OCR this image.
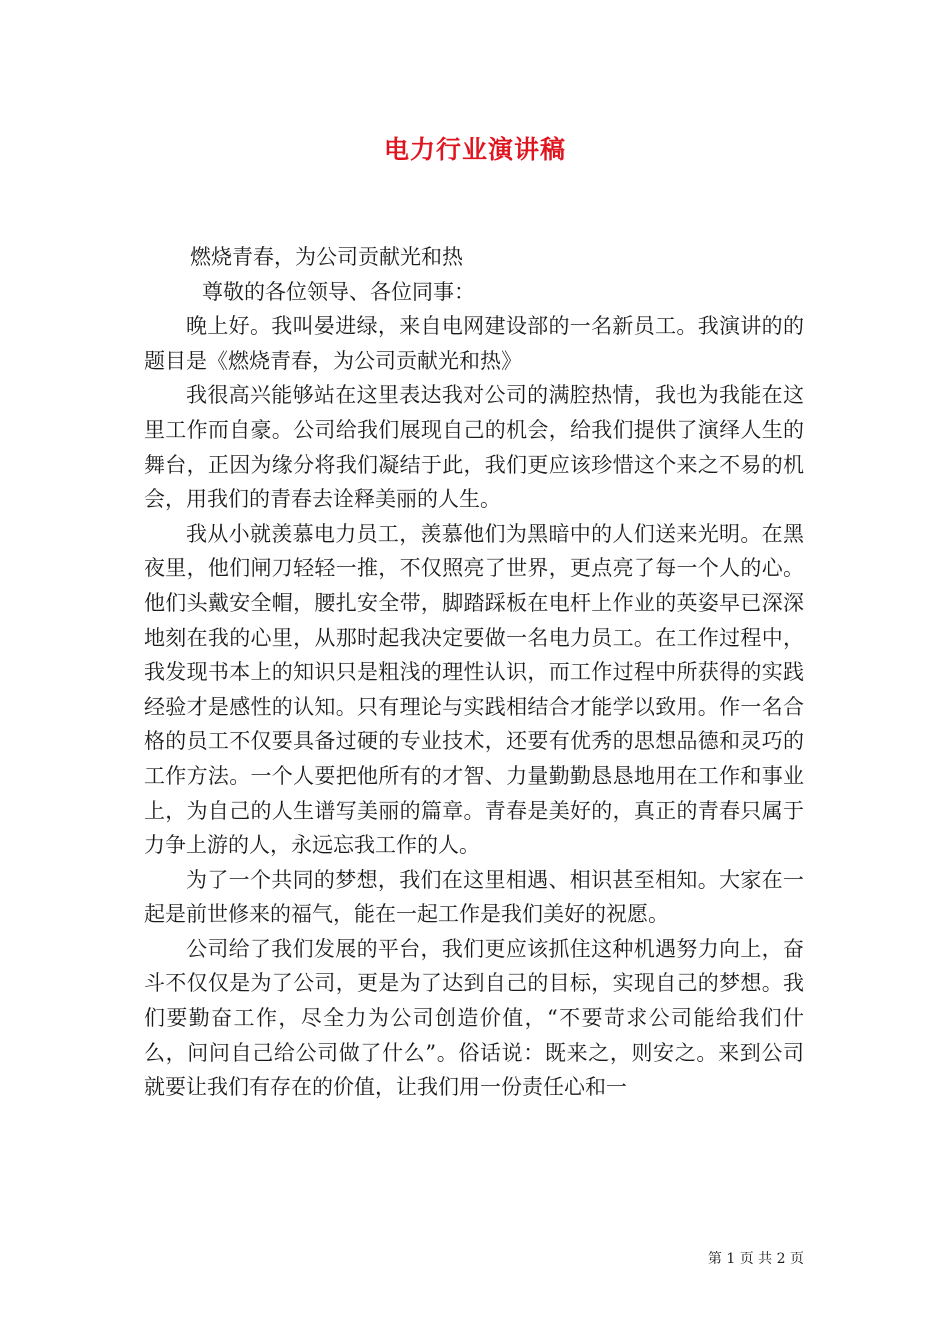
电力行业演讲稿

燃烧青春，为公司贡献光和热

尊敬的各位领导、各位同事：

晚上好。我叫晏进绿，来自电网建设部的一名新员工。我演讲的的题目是《燃烧青春，为公司贡献光和热》

我很高兴能够站在这里表达我对公司的满腔热情，我也为我能在这里工作而自豪。公司给我们展现自己的机会，给我们提供了演绎人生的舞台，正因为缘分将我们凝结于此，我们更应该珍惜这个来之不易的机会，用我们的青春去诠释美丽的人生。

我从小就羡慕电力员工，羡慕他们为黑暗中的人们送来光明。在黑夜里，他们闸刀轻轻一推，不仅照亮了世界，更点亮了每一个人的心。他们头戴安全帽，腰扎安全带，脚踏踩板在电杆上作业的英姿早已深深地刻在我的心里，从那时起我决定要做一名电力员工。在工作过程中，我发现书本上的知识只是粗浅的理性认识，而工作过程中所获得的实践经验才是感性的认知。只有理论与实践相结合才能学以致用。作一名合格的员工不仅要具备过硬的专业技术，还要有优秀的思想品德和灵巧的工作方法。一个人要把他所有的才智、力量勤勤恳恳地用在工作和事业上，为自己的人生谱写美丽的篇章。青春是美好的，真正的青春只属于力争上游的人，永远忘我工作的人。

为了一个共同的梦想，我们在这里相遇、相识甚至相知。大家在一起是前世修来的福气，能在一起工作是我们美好的祝愿。

公司给了我们发展的平台，我们更应该抓住这种机遇努力向上，奋斗不仅仅是为了公司，更是为了达到自己的目标，实现自己的梦想。我们要勤奋工作，尽全力为公司创造价值，“不要苛求公司能给我们什么，问问自己给公司做了什么”。俗话说：既来之，则安之。来到公司就要让我们有存在的价值，让我们用一份责任心和一

第 1 页 共 2 页
